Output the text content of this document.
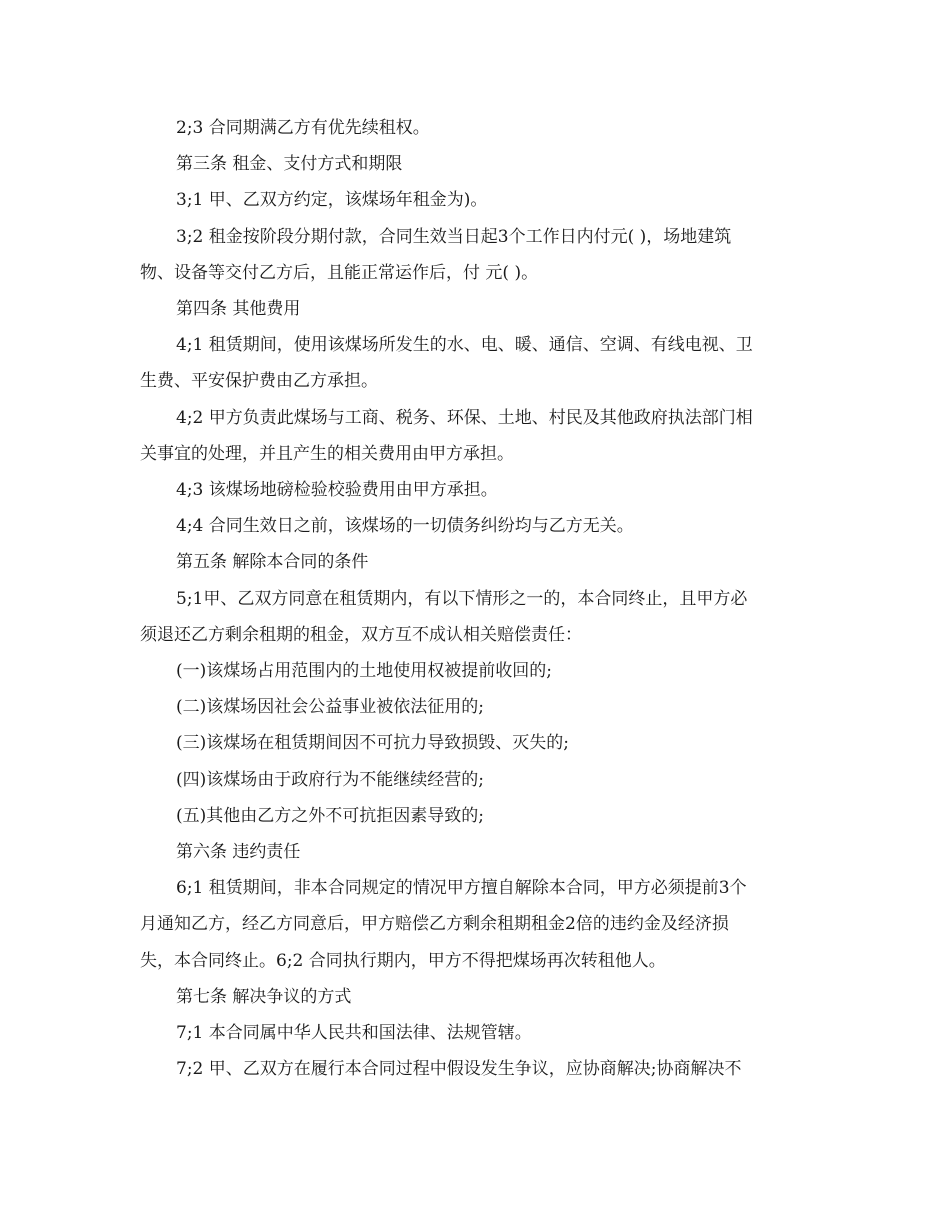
2;3 合同期满乙方有优先续租权。

第三条 租金、支付方式和期限

3;1 甲、乙双方约定，该煤场年租金为)。

3;2 租金按阶段分期付款，合同生效当日起3个工作日内付元( )，场地建筑

物、设备等交付乙方后，且能正常运作后，付 元( )。

第四条 其他费用

4;1 租赁期间，使用该煤场所发生的水、电、暖、通信、空调、有线电视、卫

生费、平安保护费由乙方承担。

4;2 甲方负责此煤场与工商、税务、环保、土地、村民及其他政府执法部门相

关事宜的处理，并且产生的相关费用由甲方承担。

4;3 该煤场地磅检验校验费用由甲方承担。

4;4 合同生效日之前，该煤场的一切债务纠纷均与乙方无关。

第五条 解除本合同的条件

5;1甲、乙双方同意在租赁期内，有以下情形之一的，本合同终止，且甲方必

须退还乙方剩余租期的租金，双方互不成认相关赔偿责任：

(一)该煤场占用范围内的土地使用权被提前收回的;

(二)该煤场因社会公益事业被依法征用的;

(三)该煤场在租赁期间因不可抗力导致损毁、灭失的;

(四)该煤场由于政府行为不能继续经营的;

(五)其他由乙方之外不可抗拒因素导致的;

第六条 违约责任

6;1 租赁期间，非本合同规定的情况甲方擅自解除本合同，甲方必须提前3个

月通知乙方，经乙方同意后，甲方赔偿乙方剩余租期租金2倍的违约金及经济损

失，本合同终止。6;2 合同执行期内，甲方不得把煤场再次转租他人。

第七条 解决争议的方式

7;1 本合同属中华人民共和国法律、法规管辖。

7;2 甲、乙双方在履行本合同过程中假设发生争议，应协商解决;协商解决不
